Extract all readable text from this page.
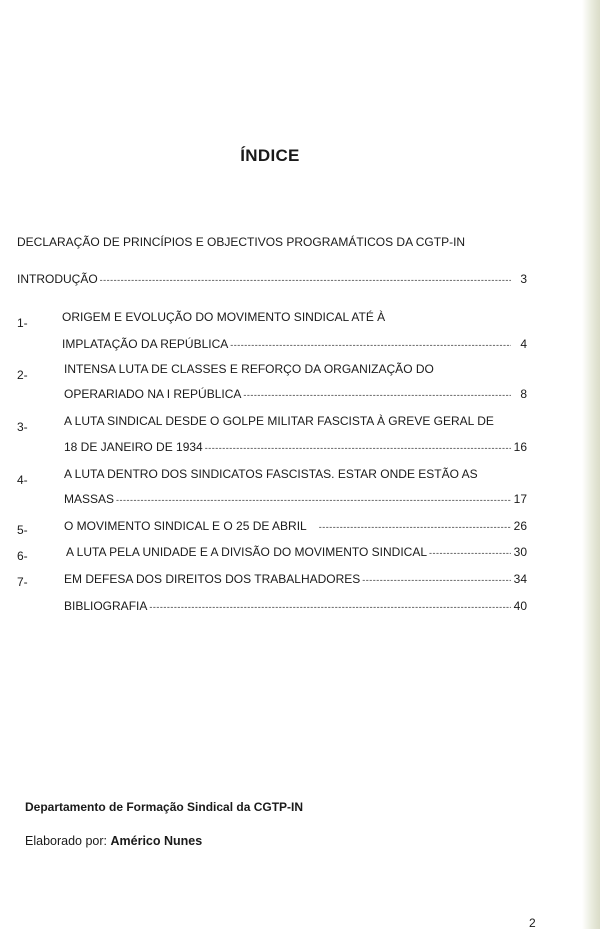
ÍNDICE
DECLARAÇÃO DE PRINCÍPIOS E OBJECTIVOS PROGRAMÁTICOS DA CGTP-IN
INTRODUÇÃO -----	3
1-	ORIGEM E EVOLUÇÃO DO MOVIMENTO SINDICAL ATÉ À
IMPLATAÇÃO DA REPÚBLICA -----	4
2-	INTENSA LUTA DE CLASSES E REFORÇO DA ORGANIZAÇÃO DO
OPERARIADO NA I REPÚBLICA -----	8
3-	A LUTA SINDICAL DESDE O GOLPE MILITAR FASCISTA À GREVE GERAL DE
18 DE JANEIRO DE 1934 -----	16
4-	A LUTA DENTRO DOS SINDICATOS FASCISTAS. ESTAR ONDE ESTÃO AS
MASSAS -----	17
5-	O MOVIMENTO SINDICAL E O 25 DE ABRIL -----	26
6-	A LUTA PELA UNIDADE E A DIVISÃO DO MOVIMENTO SINDICAL -----	30
7-	EM DEFESA DOS DIREITOS DOS TRABALHADORES -----	34
BIBLIOGRAFIA -----	40
Departamento de Formação Sindical da CGTP-IN
Elaborado por: Américo Nunes
2
